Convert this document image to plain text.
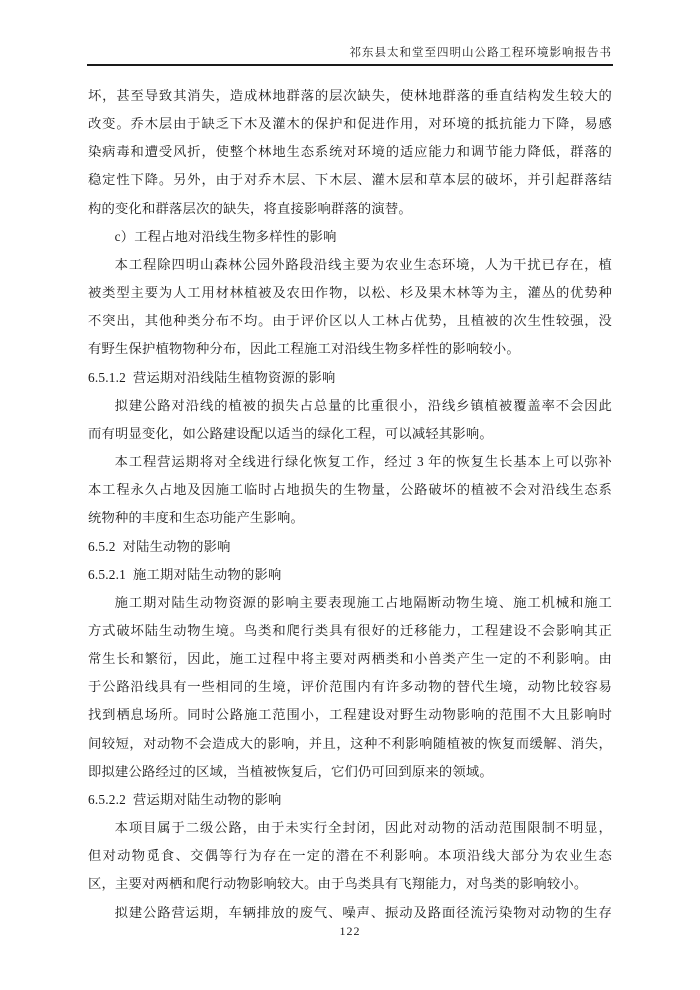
祁东县太和堂至四明山公路工程环境影响报告书
坏，甚至导致其消失，造成林地群落的层次缺失，使林地群落的垂直结构发生较大的
改变。乔木层由于缺乏下木及灌木的保护和促进作用，对环境的抵抗能力下降，易感
染病毒和遭受风折，使整个林地生态系统对环境的适应能力和调节能力降低，群落的
稳定性下降。另外，由于对乔木层、下木层、灌木层和草本层的破坏，并引起群落结
构的变化和群落层次的缺失，将直接影响群落的演替。
c）工程占地对沿线生物多样性的影响
本工程除四明山森林公园外路段沿线主要为农业生态环境，人为干扰已存在，植
被类型主要为人工用材林植被及农田作物，以松、杉及果木林等为主，灌丛的优势种
不突出，其他种类分布不均。由于评价区以人工林占优势，且植被的次生性较强，没
有野生保护植物物种分布，因此工程施工对沿线生物多样性的影响较小。
6.5.1.2  营运期对沿线陆生植物资源的影响
拟建公路对沿线的植被的损失占总量的比重很小，沿线乡镇植被覆盖率不会因此
而有明显变化，如公路建设配以适当的绿化工程，可以减轻其影响。
本工程营运期将对全线进行绿化恢复工作，经过 3 年的恢复生长基本上可以弥补
本工程永久占地及因施工临时占地损失的生物量，公路破坏的植被不会对沿线生态系
统物种的丰度和生态功能产生影响。
6.5.2  对陆生动物的影响
6.5.2.1  施工期对陆生动物的影响
施工期对陆生动物资源的影响主要表现施工占地隔断动物生境、施工机械和施工
方式破坏陆生动物生境。鸟类和爬行类具有很好的迁移能力，工程建设不会影响其正
常生长和繁衍，因此，施工过程中将主要对两栖类和小兽类产生一定的不利影响。由
于公路沿线具有一些相同的生境，评价范围内有许多动物的替代生境，动物比较容易
找到栖息场所。同时公路施工范围小，工程建设对野生动物影响的范围不大且影响时
间较短，对动物不会造成大的影响，并且，这种不利影响随植被的恢复而缓解、消失，
即拟建公路经过的区域，当植被恢复后，它们仍可回到原来的领域。
6.5.2.2  营运期对陆生动物的影响
本项目属于二级公路，由于未实行全封闭，因此对动物的活动范围限制不明显，
但对动物觅食、交偶等行为存在一定的潜在不利影响。本项沿线大部分为农业生态
区，主要对两栖和爬行动物影响较大。由于鸟类具有飞翔能力，对鸟类的影响较小。
拟建公路营运期，车辆排放的废气、噪声、振动及路面径流污染物对动物的生存
122
